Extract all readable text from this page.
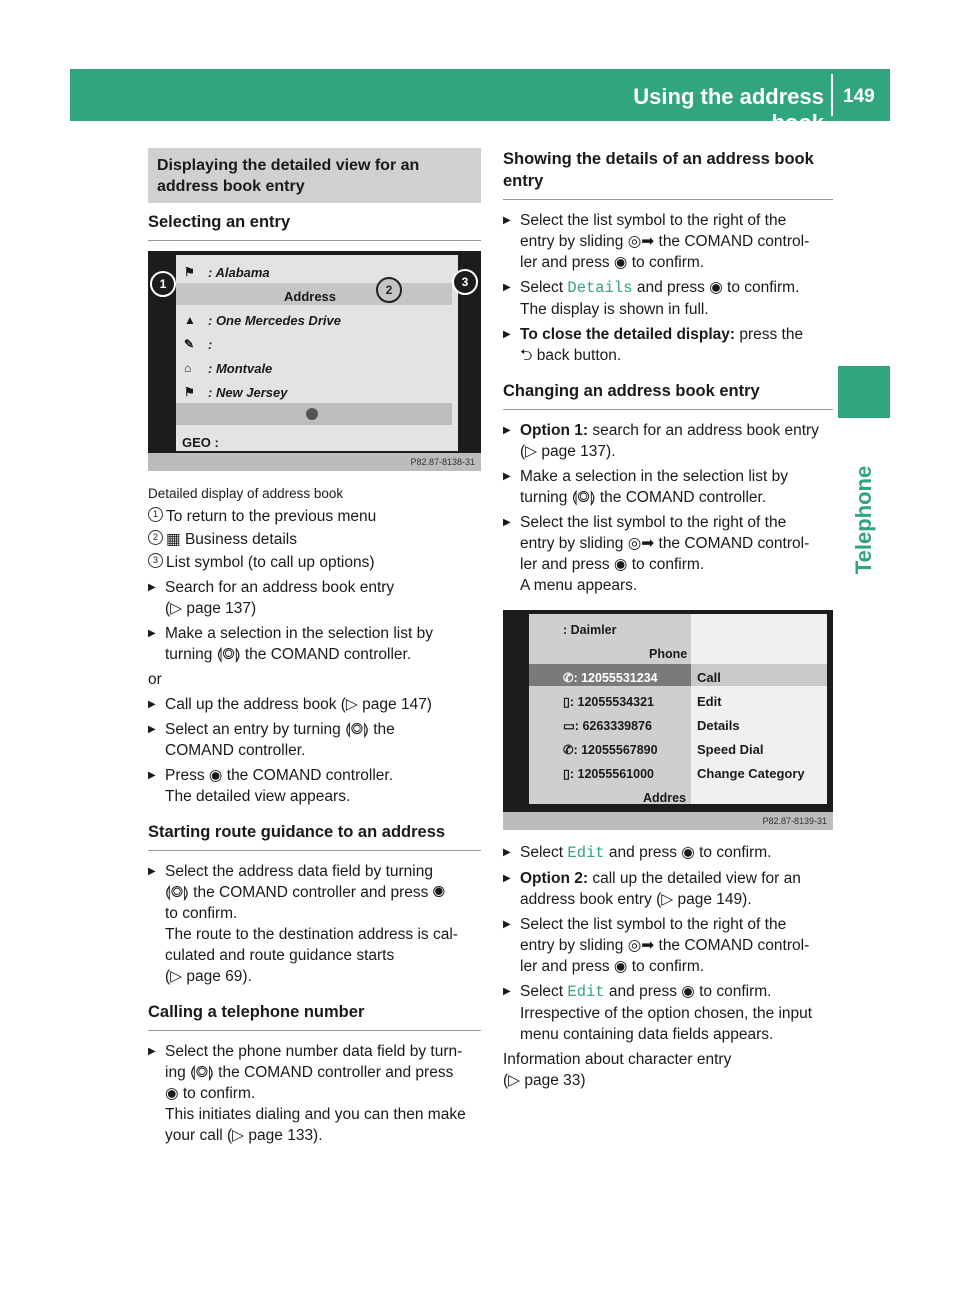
Using the address book
149
Telephone
Displaying the detailed view for an address book entry
Selecting an entry
⚑ : Alabama
Address
▲ : One Mercedes Drive
✎ :
⌂ : Montvale
⚑ : New Jersey
GEO :
1	2
3
P82.87-8138-31
Detailed display of address book
1 To return to the previous menu
2 ▦ Business details
3 List symbol (to call up options)
▶ Search for an address book entry
(▷ page 137)
▶ Make a selection in the selection list by
turning ⟬◎⟭ the COMAND controller.
or
▶ Call up the address book (▷ page 147)
▶ Select an entry by turning ⟬◎⟭ the
COMAND controller.
▶ Press ◉ the COMAND controller.
The detailed view appears.
Starting route guidance to an address
▶ Select the address data field by turning
⟬◎⟭ the COMAND controller and press ◉
to confirm.
The route to the destination address is cal-
culated and route guidance starts
(▷ page 69).
Calling a telephone number
▶ Select the phone number data field by turn-
ing ⟬◎⟭ the COMAND controller and press
◉ to confirm.
This initiates dialing and you can then make
your call (▷ page 133).
Showing the details of an address book entry
▶ Select the list symbol to the right of the
entry by sliding ◎➡ the COMAND control-
ler and press ◉ to confirm.
▶ Select Details and press ◉ to confirm.
The display is shown in full.
▶ To close the detailed display: press the
⮌ back button.
Changing an address book entry
▶ Option 1: search for an address book entry
(▷ page 137).
▶ Make a selection in the selection list by
turning ⟬◎⟭ the COMAND controller.
▶ Select the list symbol to the right of the
entry by sliding ◎➡ the COMAND control-
ler and press ◉ to confirm.
A menu appears.
: Daimler
Phone
✆: 12055531234
▯: 12055534321
▭: 6263339876
✆: 12055567890
▯: 12055561000
Addres
Call
Edit
Details
Speed Dial
Change Category
P82.87-8139-31
▶ Select Edit and press ◉ to confirm.
▶ Option 2: call up the detailed view for an
address book entry (▷ page 149).
▶ Select the list symbol to the right of the
entry by sliding ◎➡ the COMAND control-
ler and press ◉ to confirm.
▶ Select Edit and press ◉ to confirm.
Irrespective of the option chosen, the input
menu containing data fields appears.
Information about character entry
(▷ page 33)
